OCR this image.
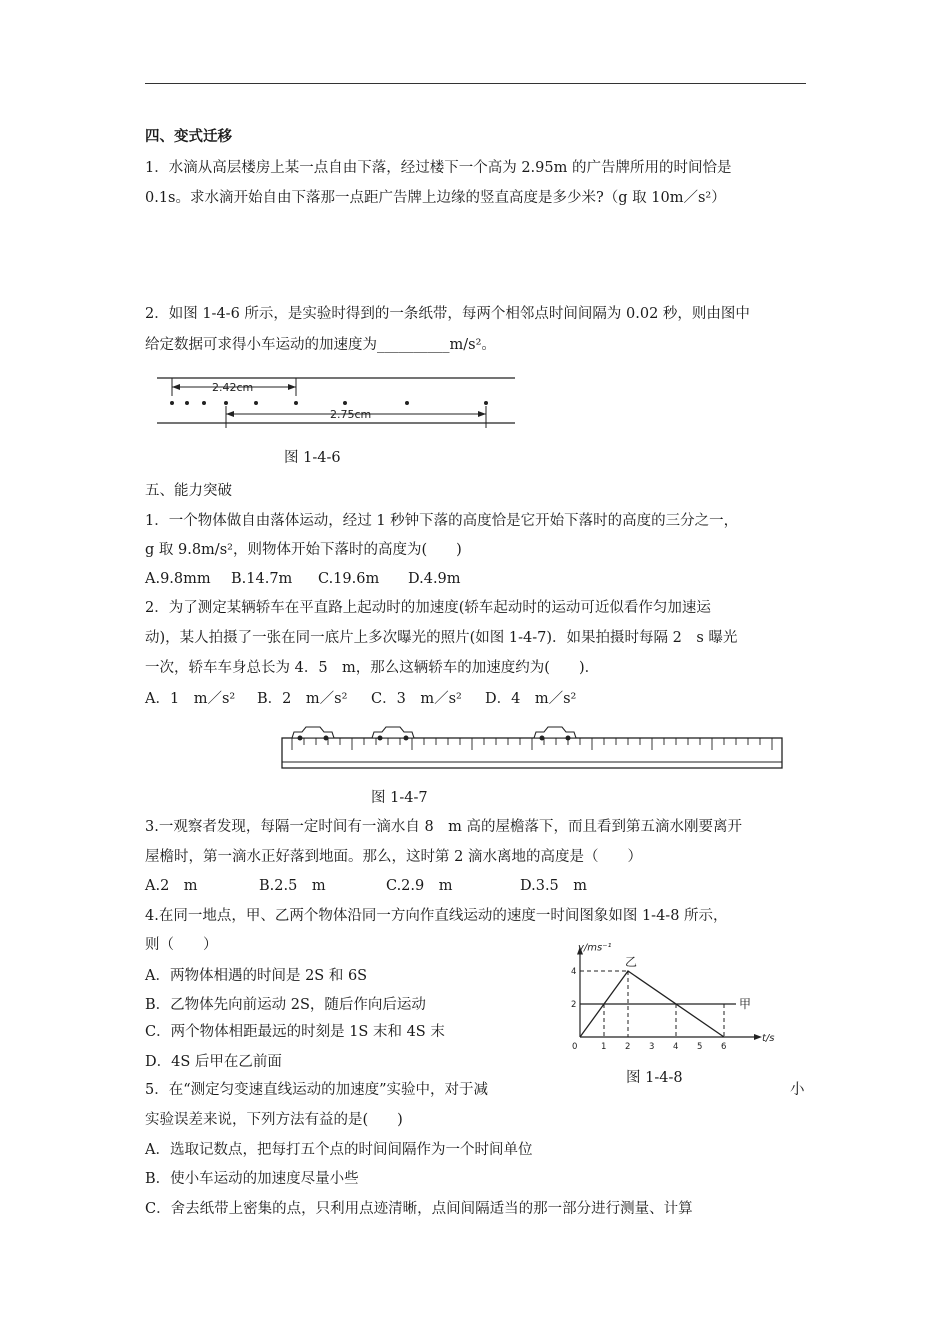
四、变式迁移
1．水滴从高层楼房上某一点自由下落，经过楼下一个高为 2.95m 的广告牌所用的时间恰是
0.1s。求水滴开始自由下落那一点距广告牌上边缘的竖直高度是多少米?（g 取 10m／s²）
2．如图 1-4-6 所示，是实验时得到的一条纸带，每两个相邻点时间间隔为 0.02 秒，则由图中
给定数据可求得小车运动的加速度为__________m/s²。
2.42cm
2.75cm
图 1-4-6
五、能力突破
1．一个物体做自由落体运动，经过 1 秒钟下落的高度恰是它开始下落时的高度的三分之一，
g 取 9.8m/s²，则物体开始下落时的高度为(　　)
A.9.8mm B.14.7m C.19.6m D.4.9m
2．为了测定某辆轿车在平直路上起动时的加速度(轿车起动时的运动可近似看作匀加速运
动)，某人拍摄了一张在同一底片上多次曝光的照片(如图 1-4-7)．如果拍摄时每隔 2　s 曝光
一次，轿车车身总长为 4．5　m，那么这辆轿车的加速度约为(　　)．
A．1　m／s² B．2　m／s² C．3　m／s² D．4　m／s²
图 1-4-7
3.一观察者发现，每隔一定时间有一滴水自 8　m 高的屋檐落下，而且看到第五滴水刚要离开
屋檐时，第一滴水正好落到地面。那么，这时第 2 滴水离地的高度是（　　）
A.2　m	B.2.5　m	C.2.9　m	D.3.5　m
4.在同一地点，甲、乙两个物体沿同一方向作直线运动的速度一时间图象如图 1-4-8 所示，
则（　　）
A．两物体相遇的时间是 2S 和 6S
B．乙物体先向前运动 2S，随后作向后运动
C．两个物体相距最远的时刻是 1S 末和 4S 末
D．4S 后甲在乙前面
v/ms⁻¹
t/s
0	1 2 3 4 5 6
2
4
甲
乙
图 1-4-8
5．在“测定匀变速直线运动的加速度”实验中，对于减	小
实验误差来说，下列方法有益的是(　　)
A．选取记数点，把每打五个点的时间间隔作为一个时间单位
B．使小车运动的加速度尽量小些
C．舍去纸带上密集的点，只利用点迹清晰，点间间隔适当的那一部分进行测量、计算
